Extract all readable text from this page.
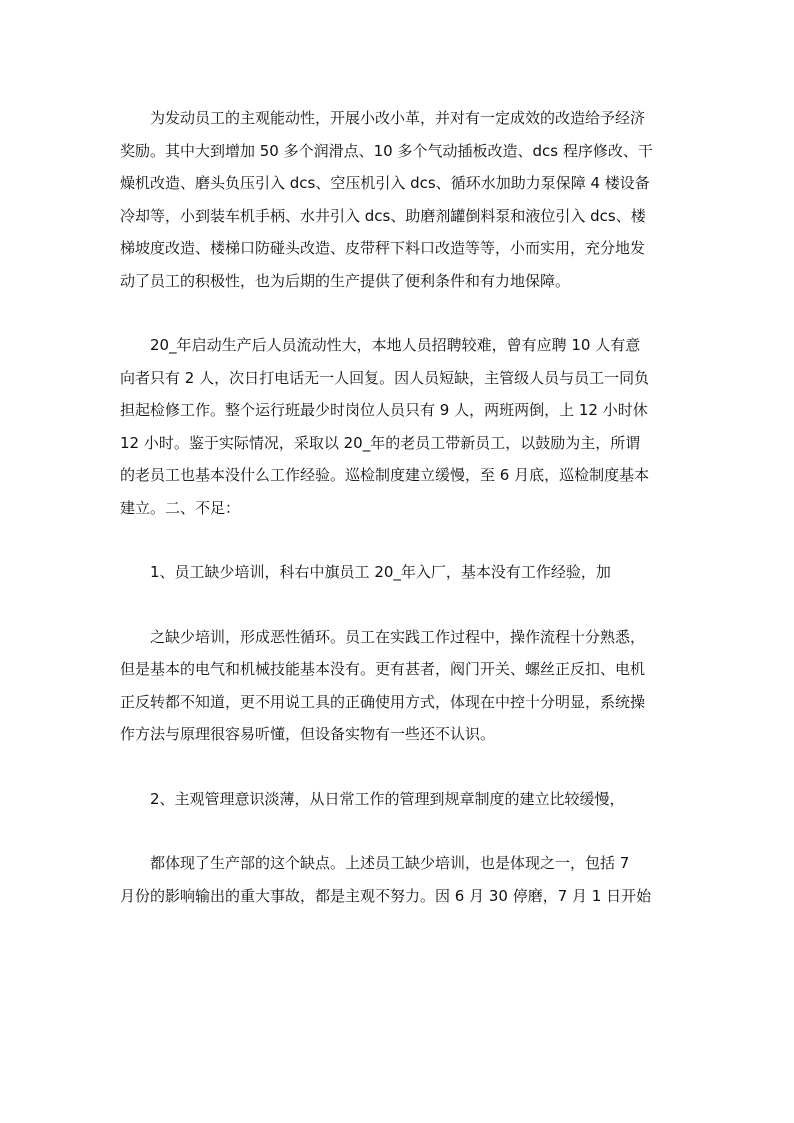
为发动员工的主观能动性，开展小改小革，并对有一定成效的改造给予经济
奖励。其中大到增加 50 多个润滑点、10 多个气动插板改造、dcs 程序修改、干
燥机改造、磨头负压引入 dcs、空压机引入 dcs、循环水加助力泵保障 4 楼设备
冷却等，小到装车机手柄、水井引入 dcs、助磨剂罐倒料泵和液位引入 dcs、楼
梯坡度改造、楼梯口防碰头改造、皮带秤下料口改造等等，小而实用，充分地发
动了员工的积极性，也为后期的生产提供了便利条件和有力地保障。
20_年启动生产后人员流动性大，本地人员招聘较难，曾有应聘 10 人有意
向者只有 2 人，次日打电话无一人回复。因人员短缺，主管级人员与员工一同负
担起检修工作。整个运行班最少时岗位人员只有 9 人，两班两倒，上 12 小时休
12 小时。鉴于实际情况，采取以 20_年的老员工带新员工，以鼓励为主，所谓
的老员工也基本没什么工作经验。巡检制度建立缓慢，至 6 月底，巡检制度基本
建立。二、不足：
1、员工缺少培训，科右中旗员工 20_年入厂，基本没有工作经验，加
之缺少培训，形成恶性循环。员工在实践工作过程中，操作流程十分熟悉，
但是基本的电气和机械技能基本没有。更有甚者，阀门开关、螺丝正反扣、电机
正反转都不知道，更不用说工具的正确使用方式，体现在中控十分明显，系统操
作方法与原理很容易听懂，但设备实物有一些还不认识。
2、主观管理意识淡薄，从日常工作的管理到规章制度的建立比较缓慢，
都体现了生产部的这个缺点。上述员工缺少培训，也是体现之一，包括 7
月份的影响输出的重大事故，都是主观不努力。因 6 月 30 停磨，7 月 1 日开始
